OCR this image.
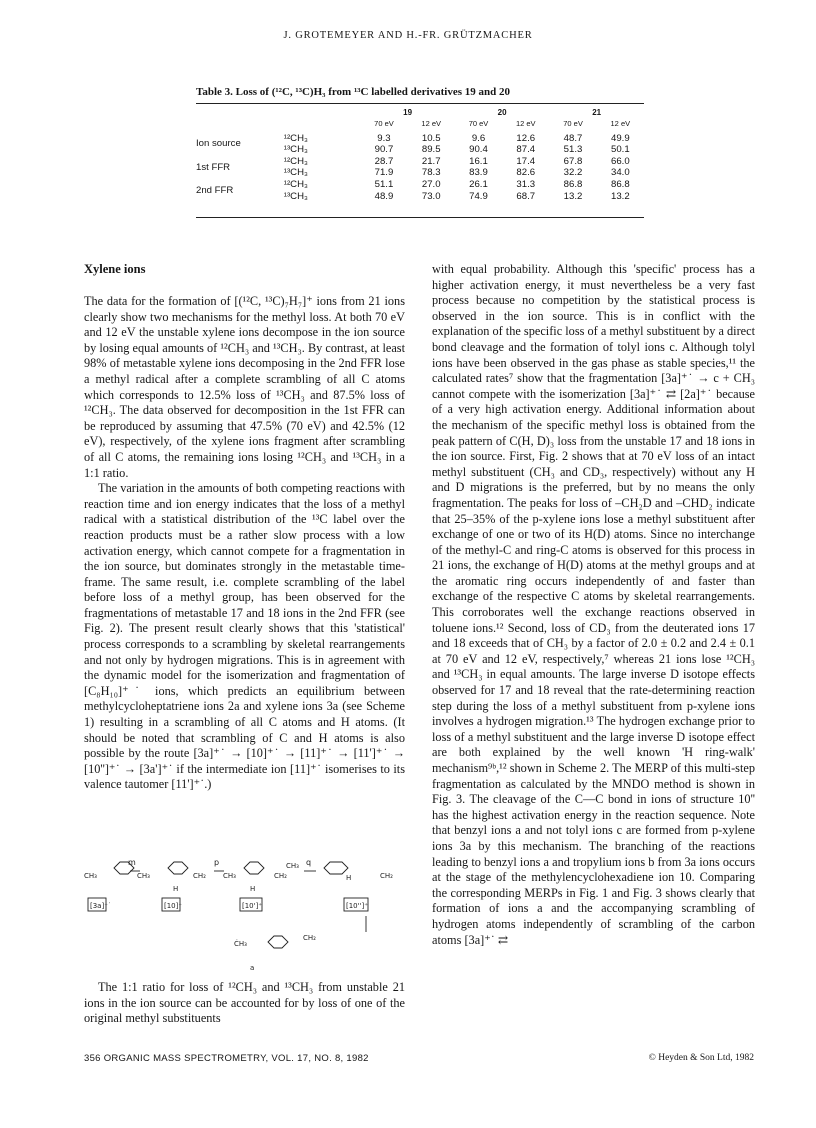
J. GROTEMEYER AND H.-FR. GRÜTZMACHER
Table 3. Loss of (¹²C, ¹³C)H₃ from ¹³C labelled derivatives 19 and 20
		19		20		21	
		70 eV	12 eV	70 eV	12 eV	70 eV	12 eV

Ion source	¹²CH₃	9.3	10.5	9.6	12.6	48.7	49.9
	¹³CH₃	90.7	89.5	90.4	87.4	51.3	50.1
1st FFR	¹²CH₃	28.7	21.7	16.1	17.4	67.8	66.0
	¹³CH₃	71.9	78.3	83.9	82.6	32.2	34.0
2nd FFR	¹²CH₃	51.1	27.0	26.1	31.3	86.8	86.8
	¹³CH₃	48.9	73.0	74.9	68.7	13.2	13.2
Xylene ions

The data for the formation of [(¹²C, ¹³C)₇H₇]⁺ ions from 21 ions clearly show two mechanisms for the methyl loss. At both 70 eV and 12 eV the unstable xylene ions decompose in the ion source by losing equal amounts of ¹²CH₃ and ¹³CH₃. By contrast, at least 98% of metastable xylene ions decomposing in the 2nd FFR lose a methyl radical after a complete scrambling of all C atoms which corresponds to 12.5% loss of ¹³CH₃ and 87.5% loss of ¹²CH₃. The data observed for decomposition in the 1st FFR can be reproduced by assuming that 47.5% (70 eV) and 42.5% (12 eV), respectively, of the xylene ions fragment after scrambling of all C atoms, the remaining ions losing ¹²CH₃ and ¹³CH₃ in a 1:1 ratio.

The variation in the amounts of both competing reactions with reaction time and ion energy indicates that the loss of a methyl radical with a statistical distribution of the ¹³C label over the reaction products must be a rather slow process with a low activation energy, which cannot compete for a fragmentation in the ion source, but dominates strongly in the metastable time-frame. The same result, i.e. complete scrambling of the label before loss of a methyl group, has been observed for the fragmentations of metastable 17 and 18 ions in the 2nd FFR (see Fig. 2). The present result clearly shows that this 'statistical' process corresponds to a scrambling by skeletal rearrangements and not only by hydrogen migrations. This is in agreement with the dynamic model for the isomerization and fragmentation of [C₈H₁₀]⁺˙ ions, which predicts an equilibrium between methylcycloheptatriene ions 2a and xylene ions 3a (see Scheme 1) resulting in a scrambling of all C atoms and H atoms. (It should be noted that scrambling of C and H atoms is also possible by the route [3a]⁺˙ → [10]⁺˙ → [11]⁺˙ → [11']⁺˙ → [10'']⁺˙ → [3a']⁺˙ if the intermediate ion [11]⁺˙ isomerises to its valence tautomer [11']⁺˙.)

CH₃	CH₃	CH₃
CH₃
CH₂	CH₂	CH₂
CH₂
H	H
H
ĊH₃
a
m	p	q
[3a]⁺˙	[10]⁺	[10']⁺	[10'']⁺

The 1:1 ratio for loss of ¹²CH₃ and ¹³CH₃ from unstable 21 ions in the ion source can be accounted for by loss of one of the original methyl substituents

with equal probability. Although this 'specific' process has a higher activation energy, it must nevertheless be a very fast process because no competition by the statistical process is observed in the ion source. This is in conflict with the explanation of the specific loss of a methyl substituent by a direct bond cleavage and the formation of tolyl ions c. Although tolyl ions have been observed in the gas phase as stable species,¹¹ the calculated rates⁷ show that the fragmentation [3a]⁺˙ → c + CH₃ cannot compete with the isomerization [3a]⁺˙ ⇄ [2a]⁺˙ because of a very high activation energy. Additional information about the mechanism of the specific methyl loss is obtained from the peak pattern of C(H, D)₃ loss from the unstable 17 and 18 ions in the ion source. First, Fig. 2 shows that at 70 eV loss of an intact methyl substituent (CH₃ and CD₃, respectively) without any H and D migrations is the preferred, but by no means the only fragmentation. The peaks for loss of –CH₂D and –CHD₂ indicate that 25–35% of the p-xylene ions lose a methyl substituent after exchange of one or two of its H(D) atoms. Since no interchange of the methyl-C and ring-C atoms is observed for this process in 21 ions, the exchange of H(D) atoms at the methyl groups and at the aromatic ring occurs independently of and faster than exchange of the respective C atoms by skeletal rearrangements. This corroborates well the exchange reactions observed in toluene ions.¹² Second, loss of CD₃ from the deuterated ions 17 and 18 exceeds that of CH₃ by a factor of 2.0 ± 0.2 and 2.4 ± 0.1 at 70 eV and 12 eV, respectively,⁷ whereas 21 ions lose ¹²CH₃ and ¹³CH₃ in equal amounts. The large inverse D isotope effects observed for 17 and 18 reveal that the rate-determining reaction step during the loss of a methyl substituent from p-xylene ions involves a hydrogen migration.¹³ The hydrogen exchange prior to loss of a methyl substituent and the large inverse D isotope effect are both explained by the well known 'H ring-walk' mechanism⁹ᵇ,¹² shown in Scheme 2. The MERP of this multi-step fragmentation as calculated by the MNDO method is shown in Fig. 3. The cleavage of the C—C bond in ions of structure 10'' has the highest activation energy in the reaction sequence. Note that benzyl ions a and not tolyl ions c are formed from p-xylene ions 3a by this mechanism. The branching of the reactions leading to benzyl ions a and tropylium ions b from 3a ions occurs at the stage of the methylencyclohexadiene ion 10. Comparing the corresponding MERPs in Fig. 1 and Fig. 3 shows clearly that formation of ions a and the accompanying scrambling of hydrogen atoms independently of scrambling of the carbon atoms [3a]⁺˙ ⇄

356 ORGANIC MASS SPECTROMETRY, VOL. 17, NO. 8, 1982	© Heyden & Son Ltd, 1982
